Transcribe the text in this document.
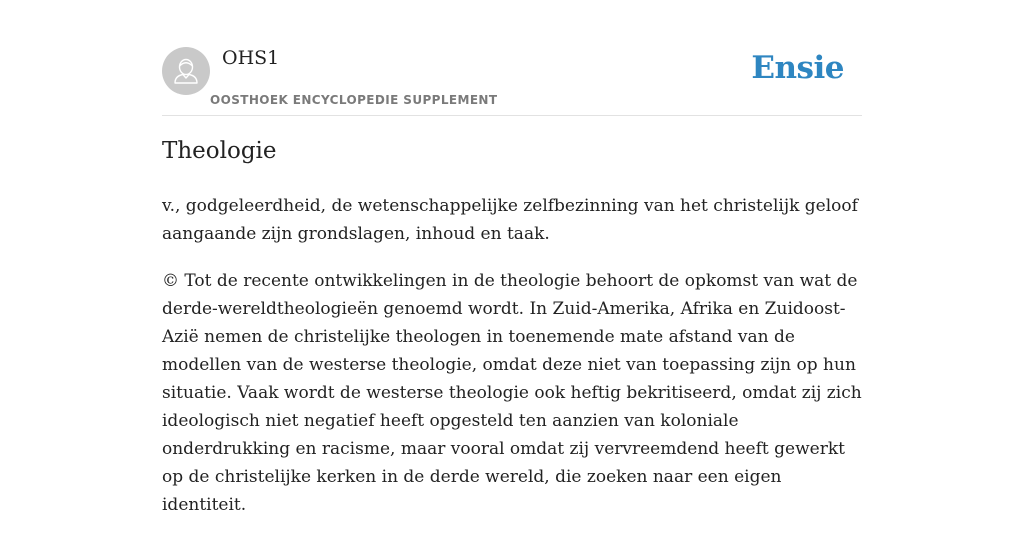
OHS1
OOSTHOEK ENCYCLOPEDIE SUPPLEMENT
Ensie
Theologie

v., godgeleerdheid, de wetenschappelijke zelfbezinning van het christelijk geloof aangaande zijn grondslagen, inhoud en taak.

© Tot de recente ontwikkelingen in de theologie behoort de opkomst van wat de derde-wereldtheologieën genoemd wordt. In Zuid-Amerika, Afrika en Zuidoost-Azië nemen de christelijke theologen in toenemende mate afstand van de modellen van de westerse theologie, omdat deze niet van toepassing zijn op hun situatie. Vaak wordt de westerse theologie ook heftig bekritiseerd, omdat zij zich ideologisch niet negatief heeft opgesteld ten aanzien van koloniale onderdrukking en racisme, maar vooral omdat zij vervreemdend heeft gewerkt op de christelijke kerken in de derde wereld, die zoeken naar een eigen identiteit.
